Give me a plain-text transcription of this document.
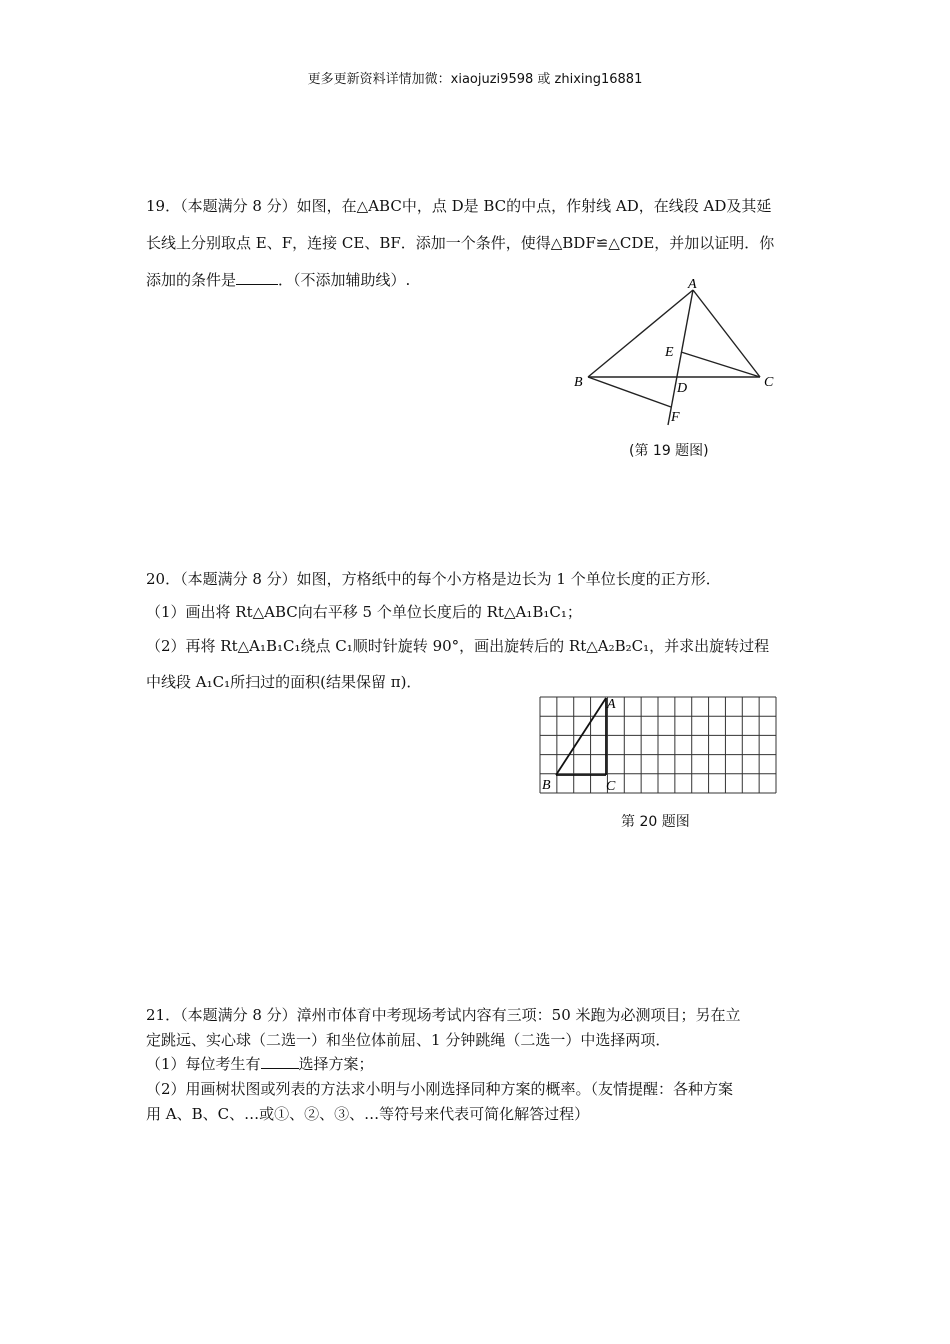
更多更新资料详情加微：xiaojuzi9598 或 zhixing16881
19．（本题满分 8 分）如图，在△ABC中，点 D是 BC的中点，作射线 AD，在线段 AD及其延
长线上分别取点 E、F，连接 CE、BF．添加一个条件，使得△BDF≌△CDE，并加以证明．你
添加的条件是	．（不添加辅助线）.	A
B	C
D
E
F
(第 19 题图)
20．（本题满分 8 分）如图，方格纸中的每个小方格是边长为 1 个单位长度的正方形．
（1）画出将 Rt△ABC向右平移 5 个单位长度后的 Rt△A₁B₁C₁；
（2）再将 Rt△A₁B₁C₁绕点 C₁顺时针旋转 90°，画出旋转后的 Rt△A₂B₂C₁，并求出旋转过程
中线段 A₁C₁所扫过的面积(结果保留 π)．
A
B	C
第 20 题图
21．（本题满分 8 分）漳州市体育中考现场考试内容有三项：50 米跑为必测项目；另在立
定跳远、实心球（二选一）和坐位体前屈、1 分钟跳绳（二选一）中选择两项．
（1）每位考生有	选择方案；
（2）用画树状图或列表的方法求小明与小刚选择同种方案的概率。（友情提醒：各种方案
用 A、B、C、…或①、②、③、…等符号来代表可简化解答过程）
